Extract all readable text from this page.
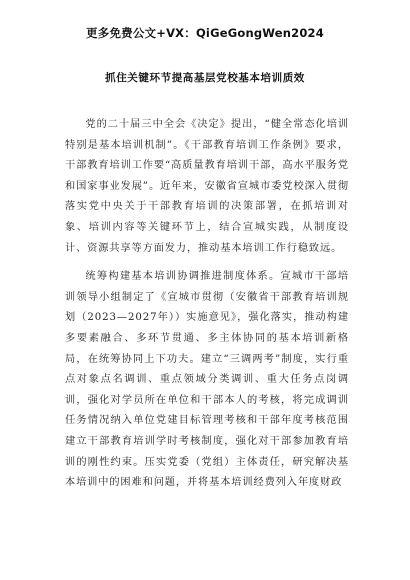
更多免费公文+VX：QiGeGongWen2024
抓住关键环节提高基层党校基本培训质效

党的二十届三中全会《决定》提出，“健全常态化培训特别是基本培训机制”。《干部教育培训工作条例》要求，干部教育培训工作要“高质量教育培训干部，高水平服务党和国家事业发展”。近年来，安徽省宣城市委党校深入贯彻落实党中央关于干部教育培训的决策部署，在抓培训对象、培训内容等关键环节上，结合宣城实践，从制度设计、资源共享等方面发力，推动基本培训工作行稳致远。

统筹构建基本培训协调推进制度体系。宣城市干部培训领导小组制定了《宣城市贯彻（安徽省干部教育培训规划（2023—2027年））实施意见》，强化落实，推动构建多要素融合、多环节贯通、多主体协同的基本培训新格局，在统筹协同上下功夫。建立“三调两考”制度，实行重点对象点名调训、重点领域分类调训、重大任务点岗调训，强化对学员所在单位和干部本人的考核，将完成调训任务情况纳入单位党建目标管理考核和干部年度考核范围建立干部教育培训学时考核制度，强化对干部参加教育培训的刚性约束。压实党委（党组）主体责任，研究解决基本培训中的困难和问题，并将基本培训经费列入年度财政
